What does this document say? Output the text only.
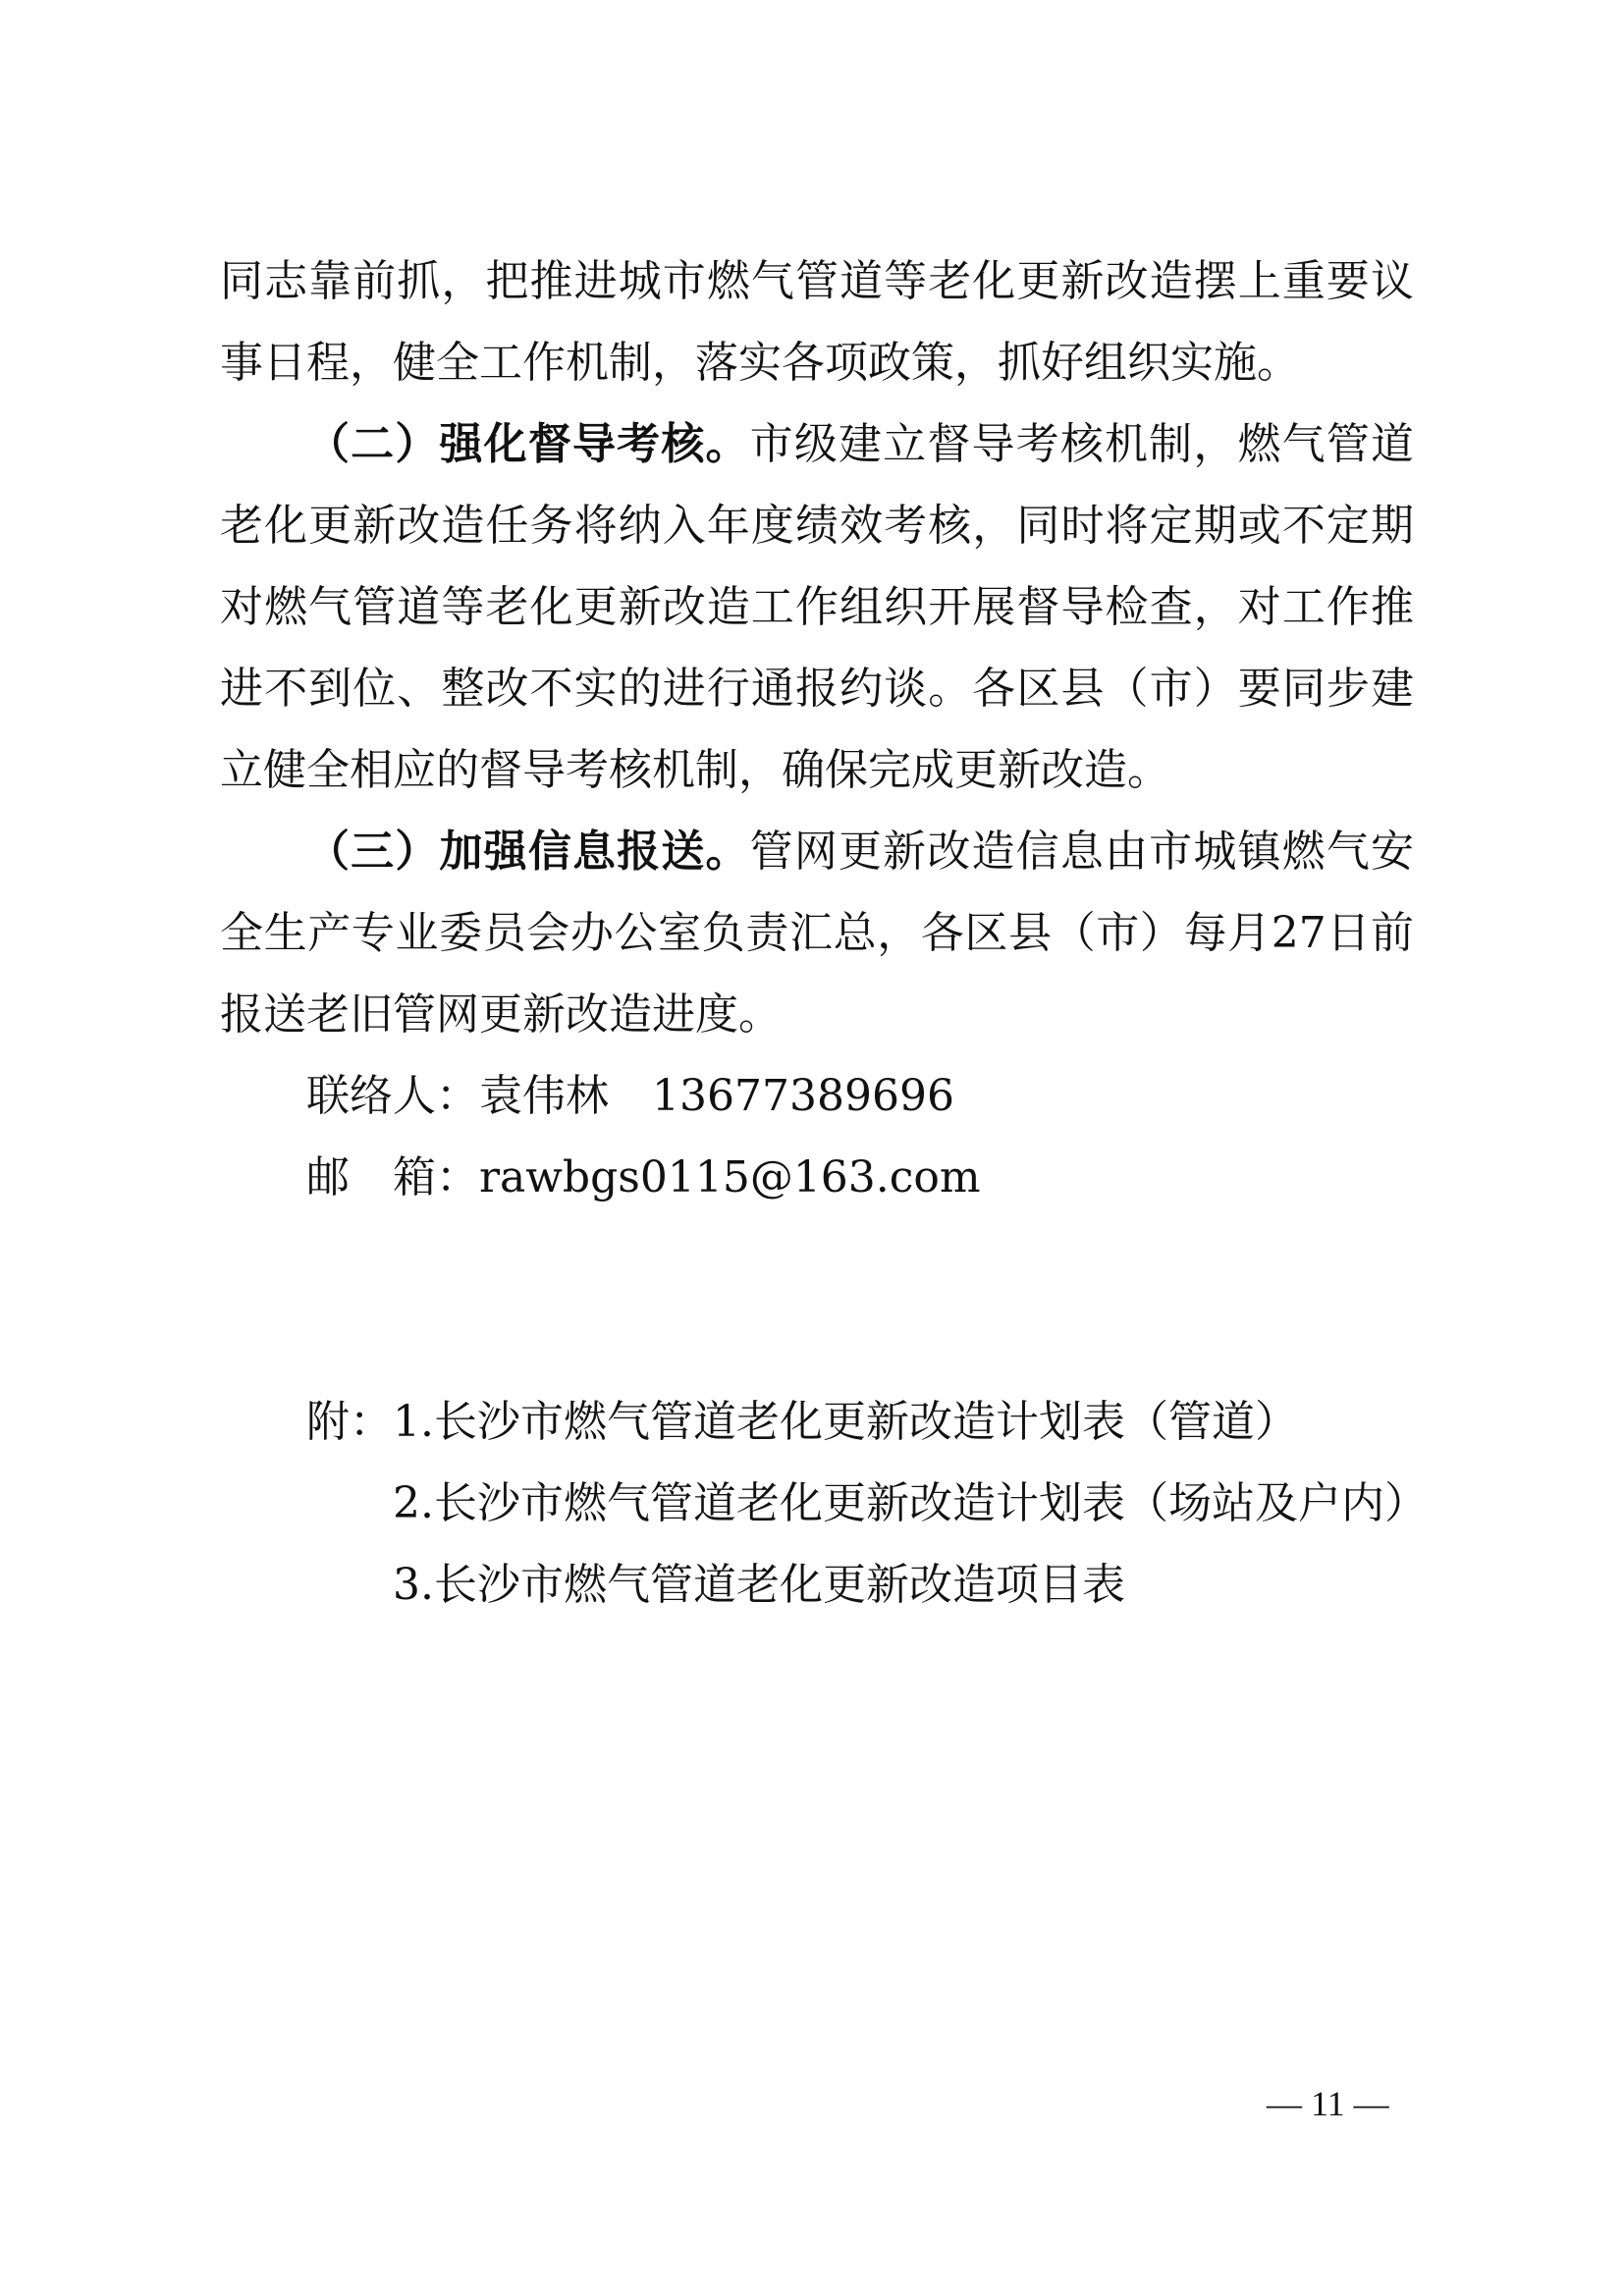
同志靠前抓，把推进城市燃气管道等老化更新改造摆上重要议
事日程，健全工作机制，落实各项政策，抓好组织实施。
（二）强化督导考核。市级建立督导考核机制，燃气管道
老化更新改造任务将纳入年度绩效考核，同时将定期或不定期
对燃气管道等老化更新改造工作组织开展督导检查，对工作推
进不到位、整改不实的进行通报约谈。各区县（市）要同步建
立健全相应的督导考核机制，确保完成更新改造。
（三）加强信息报送。管网更新改造信息由市城镇燃气安
全生产专业委员会办公室负责汇总，各区县（市）每月27日前
报送老旧管网更新改造进度。
联络人：袁伟林 13677389696
邮 箱：rawbgs0115@163.com
附：1.长沙市燃气管道老化更新改造计划表（管道）
2.长沙市燃气管道老化更新改造计划表（场站及户内）
3.长沙市燃气管道老化更新改造项目表
— 11 —
